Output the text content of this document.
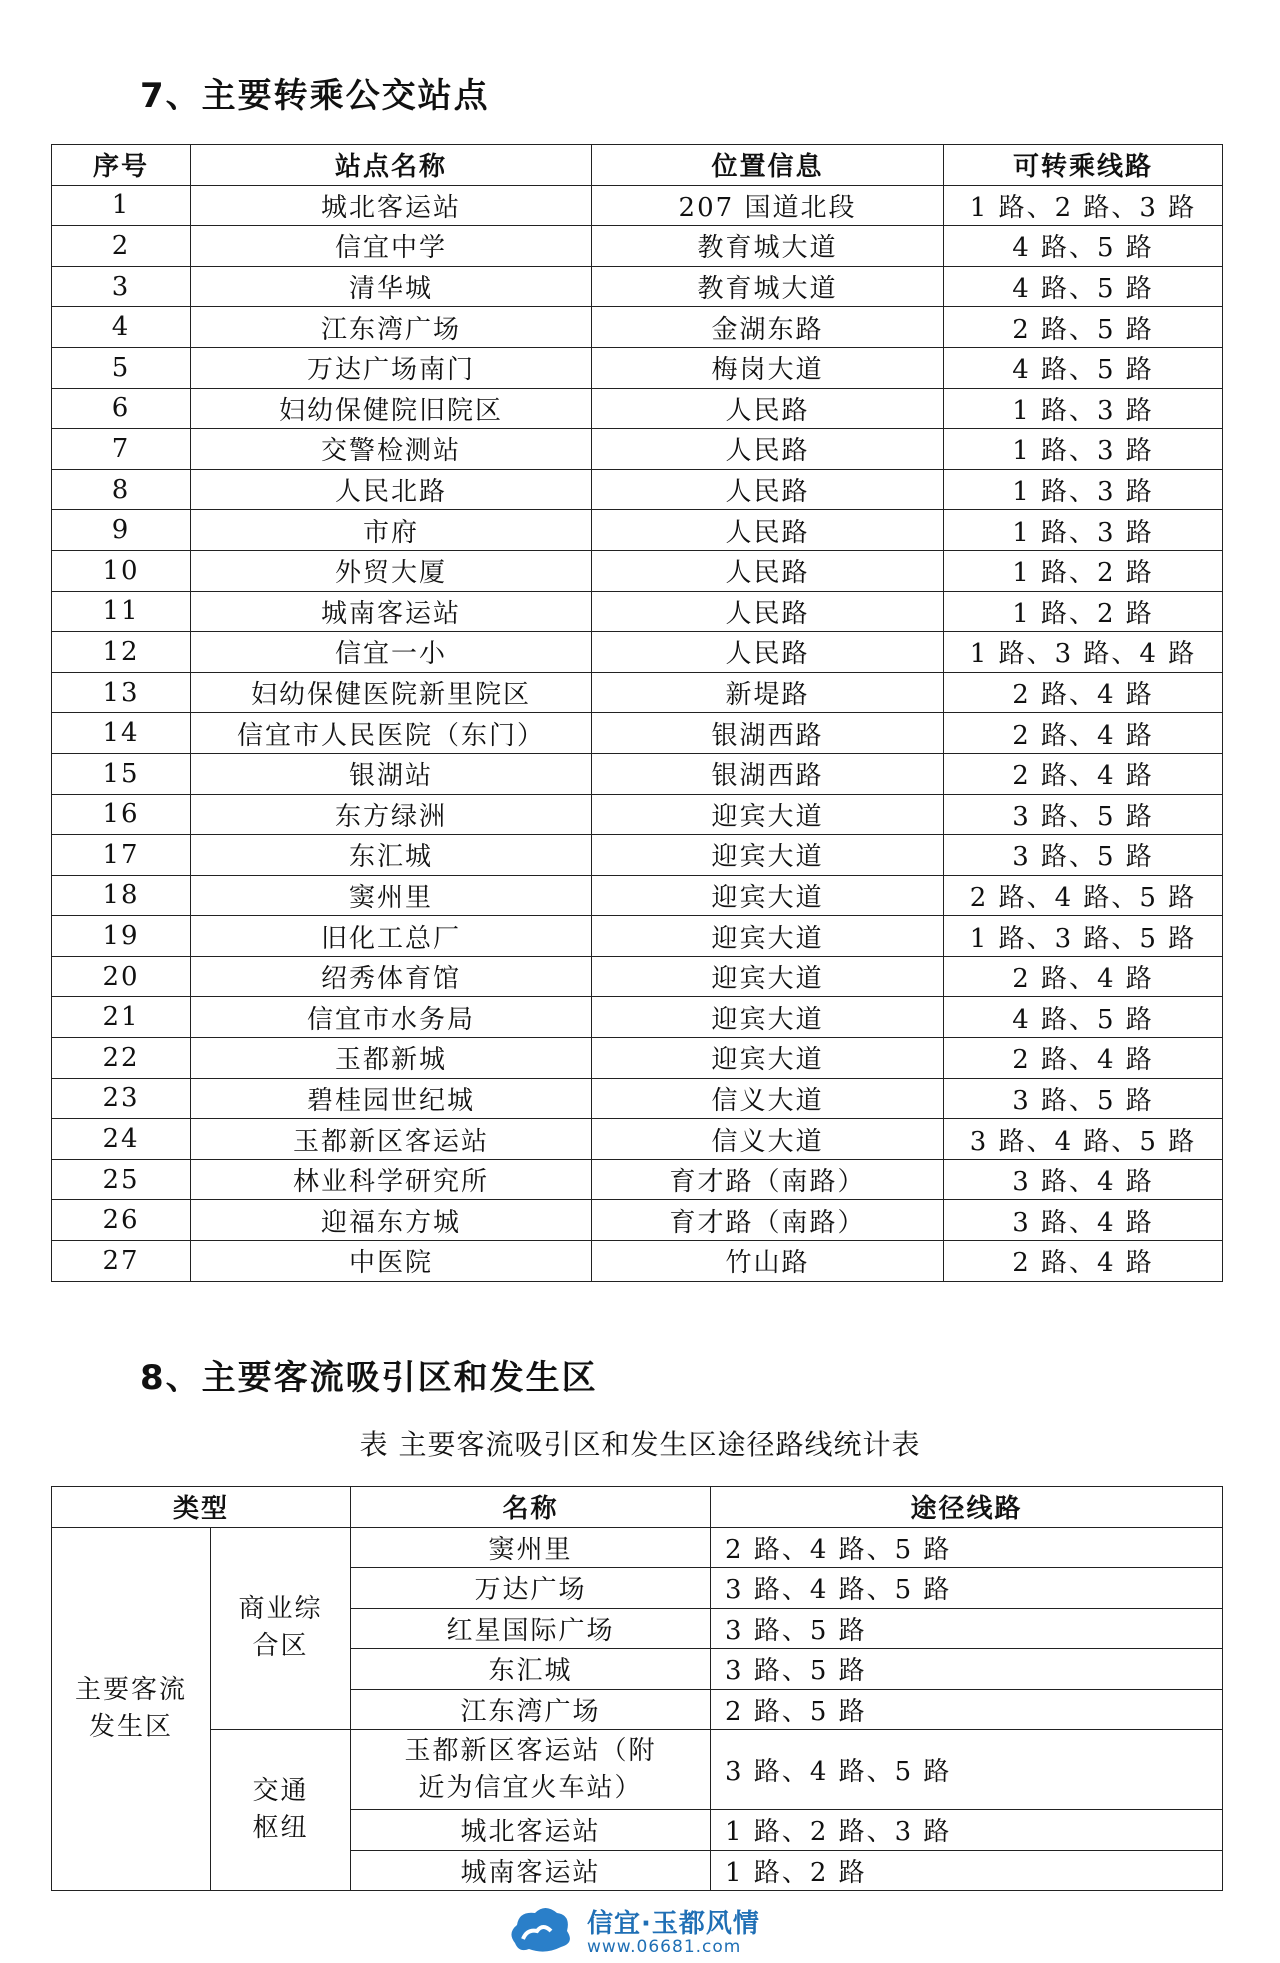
7、主要转乘公交站点
序号	站点名称	位置信息	可转乘线路
1	城北客运站	207 国道北段	1 路、2 路、3 路
2	信宜中学	教育城大道	4 路、5 路
3	清华城	教育城大道	4 路、5 路
4	江东湾广场	金湖东路	2 路、5 路
5	万达广场南门	梅岗大道	4 路、5 路
6	妇幼保健院旧院区	人民路	1 路、3 路
7	交警检测站	人民路	1 路、3 路
8	人民北路	人民路	1 路、3 路
9	市府	人民路	1 路、3 路
10	外贸大厦	人民路	1 路、2 路
11	城南客运站	人民路	1 路、2 路
12	信宜一小	人民路	1 路、3 路、4 路
13	妇幼保健医院新里院区	新堤路	2 路、4 路
14	信宜市人民医院（东门）	银湖西路	2 路、4 路
15	银湖站	银湖西路	2 路、4 路
16	东方绿洲	迎宾大道	3 路、5 路
17	东汇城	迎宾大道	3 路、5 路
18	窦州里	迎宾大道	2 路、4 路、5 路
19	旧化工总厂	迎宾大道	1 路、3 路、5 路
20	绍秀体育馆	迎宾大道	2 路、4 路
21	信宜市水务局	迎宾大道	4 路、5 路
22	玉都新城	迎宾大道	2 路、4 路
23	碧桂园世纪城	信义大道	3 路、5 路
24	玉都新区客运站	信义大道	3 路、4 路、5 路
25	林业科学研究所	育才路（南路）	3 路、4 路
26	迎福东方城	育才路（南路）	3 路、4 路
27	中医院	竹山路	2 路、4 路
8、主要客流吸引区和发生区
表 主要客流吸引区和发生区途径路线统计表
类型		名称	途径线路
主要客流发生区	商业综合区	窦州里	2 路、4 路、5 路
		万达广场	3 路、4 路、5 路
		红星国际广场	3 路、5 路
		东汇城	3 路、5 路
		江东湾广场	2 路、5 路
	交通枢纽	玉都新区客运站（附近为信宜火车站）	3 路、4 路、5 路
		城北客运站	1 路、2 路、3 路
		城南客运站	1 路、2 路
信宜·玉都风情
www.06681.com
